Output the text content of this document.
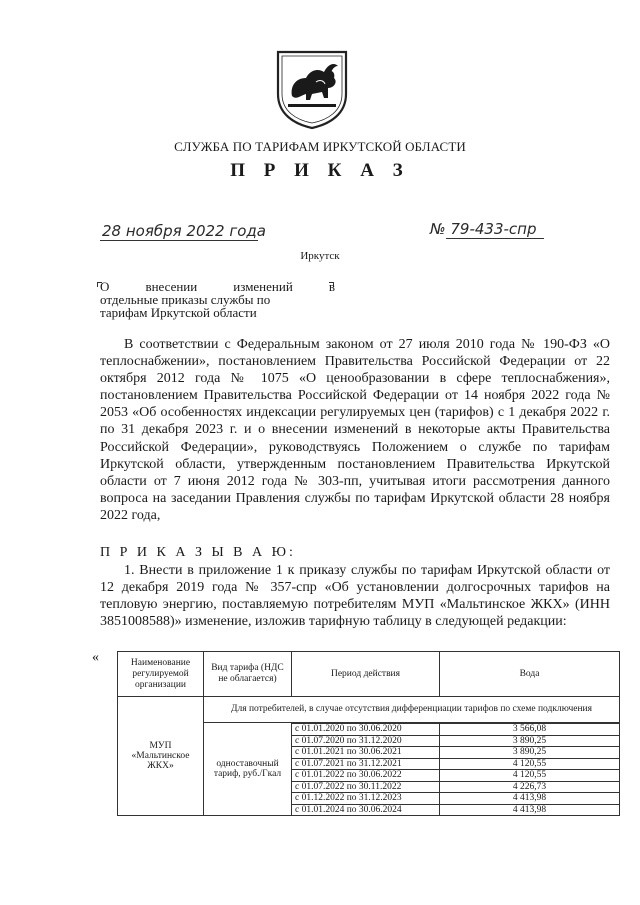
СЛУЖБА ПО ТАРИФАМ ИРКУТСКОЙ ОБЛАСТИ
П Р И К А З
28 ноября 2022 года	№ 79-433-спр
Иркутск
О	внесении	изменений	в
отдельные приказы службы по
тарифам Иркутской области
В соответствии с Федеральным законом от 27 июля 2010 года № 190-ФЗ «О теплоснабжении», постановлением Правительства Российской Федерации от 22 октября 2012 года № 1075 «О ценообразовании в сфере теплоснабжения», постановлением Правительства Российской Федерации от 14 ноября 2022 года № 2053 «Об особенностях индексации регулируемых цен (тарифов) с 1 декабря 2022 г. по 31 декабря 2023 г. и о внесении изменений в некоторые акты Правительства Российской Федерации», руководствуясь Положением о службе по тарифам Иркутской области, утвержденным постановлением Правительства Иркутской области от 7 июня 2012 года № 303-пп, учитывая итоги рассмотрения данного вопроса на заседании Правления службы по тарифам Иркутской области 28 ноября 2022 года,
П Р И К А З Ы В А Ю:
1. Внести в приложение 1 к приказу службы по тарифам Иркутской области от 12 декабря 2019 года № 357-спр «Об установлении долгосрочных тарифов на тепловую энергию, поставляемую потребителям МУП «Мальтинское ЖКХ» (ИНН 3851008588)» изменение, изложив тарифную таблицу в следующей редакции:
«	Наименование регулируемой организации	Вид тарифа (НДС не облагается)	Период действия	Вода
МУП «Мальтинское ЖКХ»	Для потребителей, в случае отсутствия дифференциации тарифов по схеме подключения		
	одноставочный тариф, руб./Гкал		
		с 01.01.2020 по 30.06.2020	3 566,08
		с 01.07.2020 по 31.12.2020	3 890,25
		с 01.01.2021 по 30.06.2021	3 890,25
		с 01.07.2021 по 31.12.2021	4 120,55
		с 01.01.2022 по 30.06.2022	4 120,55
		с 01.07.2022 по 30.11.2022	4 226,73
		с 01.12.2022 по 31.12.2023	4 413,98
		с 01.01.2024 по 30.06.2024	4 413,98
